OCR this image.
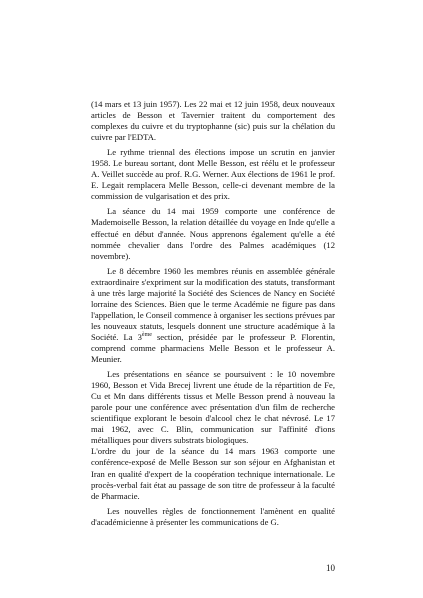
(14 mars et 13 juin 1957). Les 22 mai et 12 juin 1958, deux nouveaux articles de Besson et Tavernier traitent du comportement des complexes du cuivre et du tryptophanne (sic) puis sur la chélation du cuivre par l'EDTA.

Le rythme triennal des élections impose un scrutin en janvier 1958. Le bureau sortant, dont Melle Besson, est réélu et le professeur A. Veillet succède au prof. R.G. Werner. Aux élections de 1961 le prof. E. Legait remplacera Melle Besson, celle-ci devenant membre de la commission de vulgarisation et des prix.

La séance du 14 mai 1959 comporte une conférence de Mademoiselle Besson, la relation détaillée du voyage en Inde qu'elle a effectué en début d'année. Nous apprenons également qu'elle a été nommée chevalier dans l'ordre des Palmes académiques (12 novembre).

Le 8 décembre 1960 les membres réunis en assemblée générale extraordinaire s'expriment sur la modification des statuts, transformant à une très large majorité la Société des Sciences de Nancy en Société lorraine des Sciences. Bien que le terme Académie ne figure pas dans l'appellation, le Conseil commence à organiser les sections prévues par les nouveaux statuts, lesquels donnent une structure académique à la Société. La 3ème section, présidée par le professeur P. Florentin, comprend comme pharmaciens Melle Besson et le professeur A. Meunier.

Les présentations en séance se poursuivent : le 10 novembre 1960, Besson et Vida Brecej livrent une étude de la répartition de Fe, Cu et Mn dans différents tissus et Melle Besson prend à nouveau la parole pour une conférence avec présentation d'un film de recherche scientifique explorant le besoin d'alcool chez le chat névrosé. Le 17 mai 1962, avec C. Blin, communication sur l'affinité d'ions métalliques pour divers substrats biologiques.

L'ordre du jour de la séance du 14 mars 1963 comporte une conférence-exposé de Melle Besson sur son séjour en Afghanistan et Iran en qualité d'expert de la coopération technique internationale. Le procès-verbal fait état au passage de son titre de professeur à la faculté de Pharmacie.

Les nouvelles règles de fonctionnement l'amènent en qualité d'académicienne à présenter les communications de G.

10
